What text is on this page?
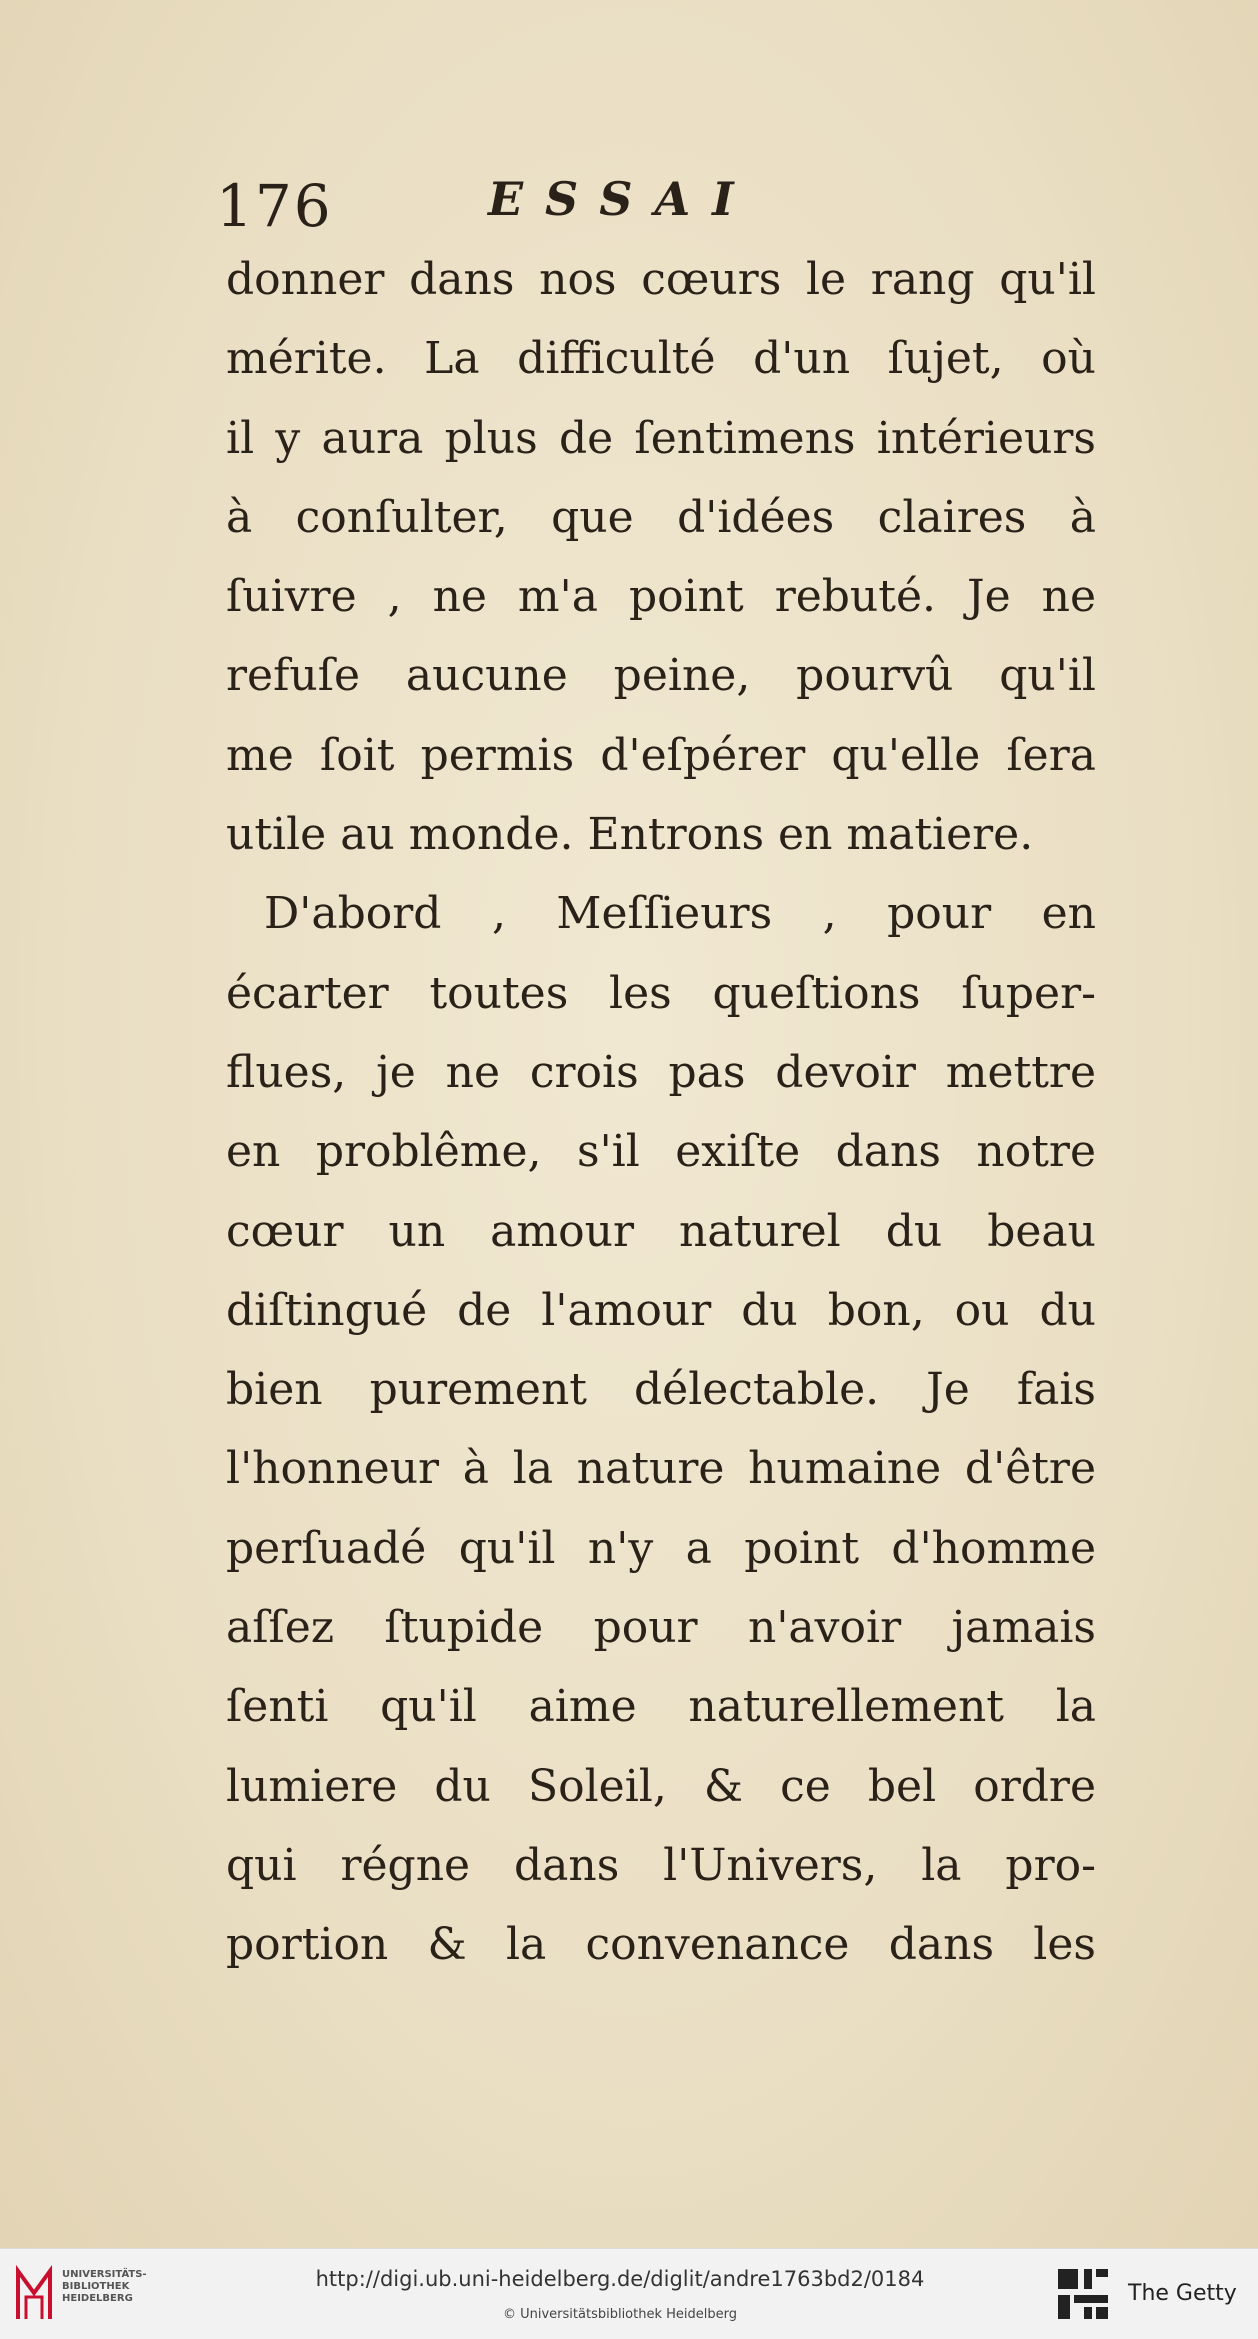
176	ESSAI
donner dans nos cœurs le rang qu'il
mérite. La difficulté d'un ſujet, où
il y aura plus de ſentimens intérieurs
à conſulter, que d'idées claires à
ſuivre , ne m'a point rebuté. Je ne
refuſe aucune peine, pourvû qu'il
me ſoit permis d'eſpérer qu'elle ſera
utile au monde. Entrons en matiere.
D'abord , Meſſieurs , pour en
écarter toutes les queſtions ſuper-
flues, je ne crois pas devoir mettre
en problême, s'il exiſte dans notre
cœur un amour naturel du beau
diſtingué de l'amour du bon, ou du
bien purement délectable. Je fais
l'honneur à la nature humaine d'être
perſuadé qu'il n'y a point d'homme
aſſez ſtupide pour n'avoir jamais
ſenti qu'il aime naturellement la
lumiere du Soleil, & ce bel ordre
qui régne dans l'Univers, la pro-
portion & la convenance dans les
UNIVERSITÄTS-
BIBLIOTHEK
HEIDELBERG
http://digi.ub.uni-heidelberg.de/diglit/andre1763bd2/0184
© Universitätsbibliothek Heidelberg
The Getty
